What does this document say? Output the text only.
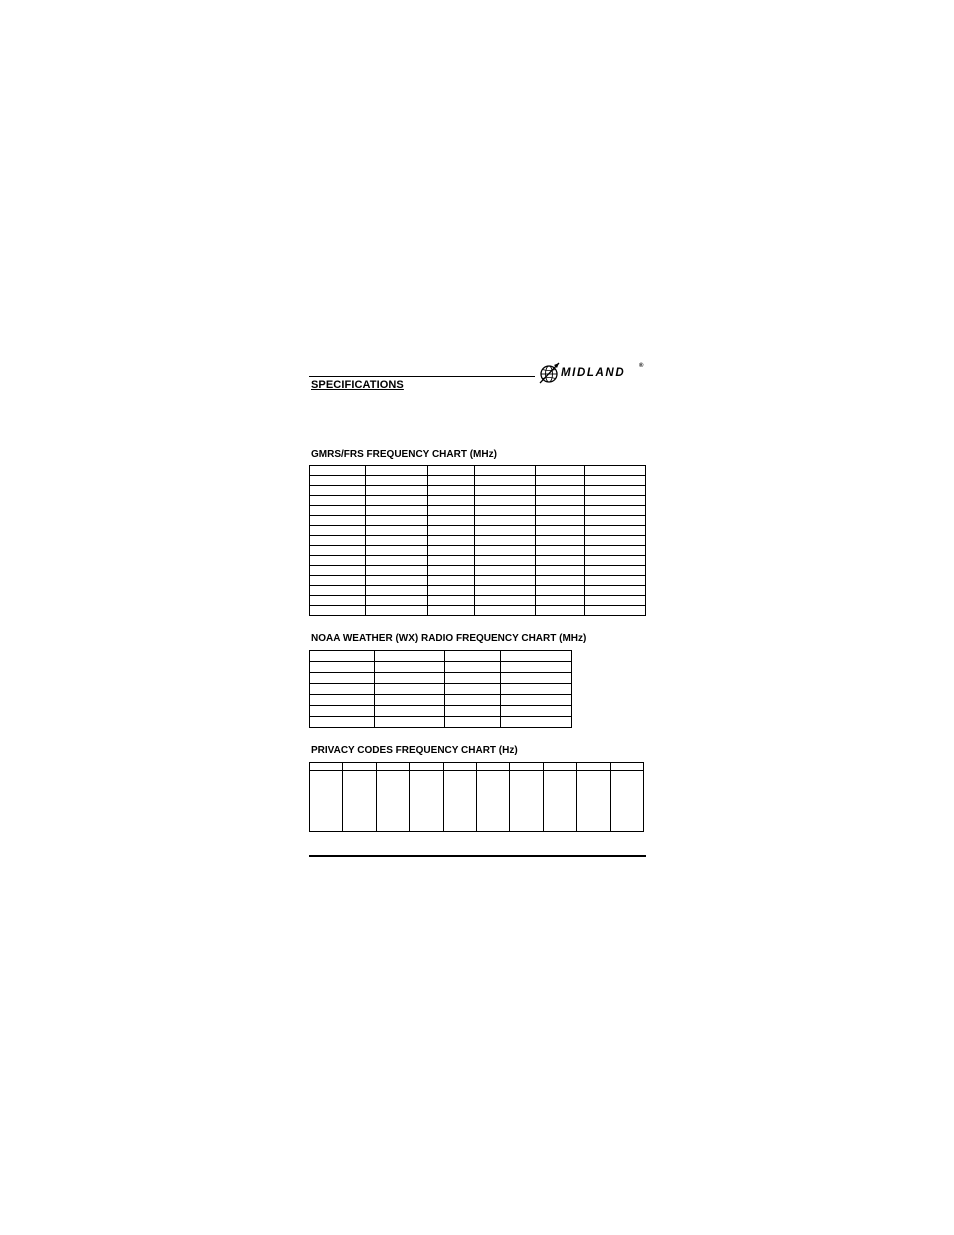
SPECIFICATIONS
MIDLAND
®
GMRS/FRS FREQUENCY CHART (MHz)

NOAA WEATHER (WX) RADIO FREQUENCY CHART (MHz)

PRIVACY CODES FREQUENCY CHART (Hz)
